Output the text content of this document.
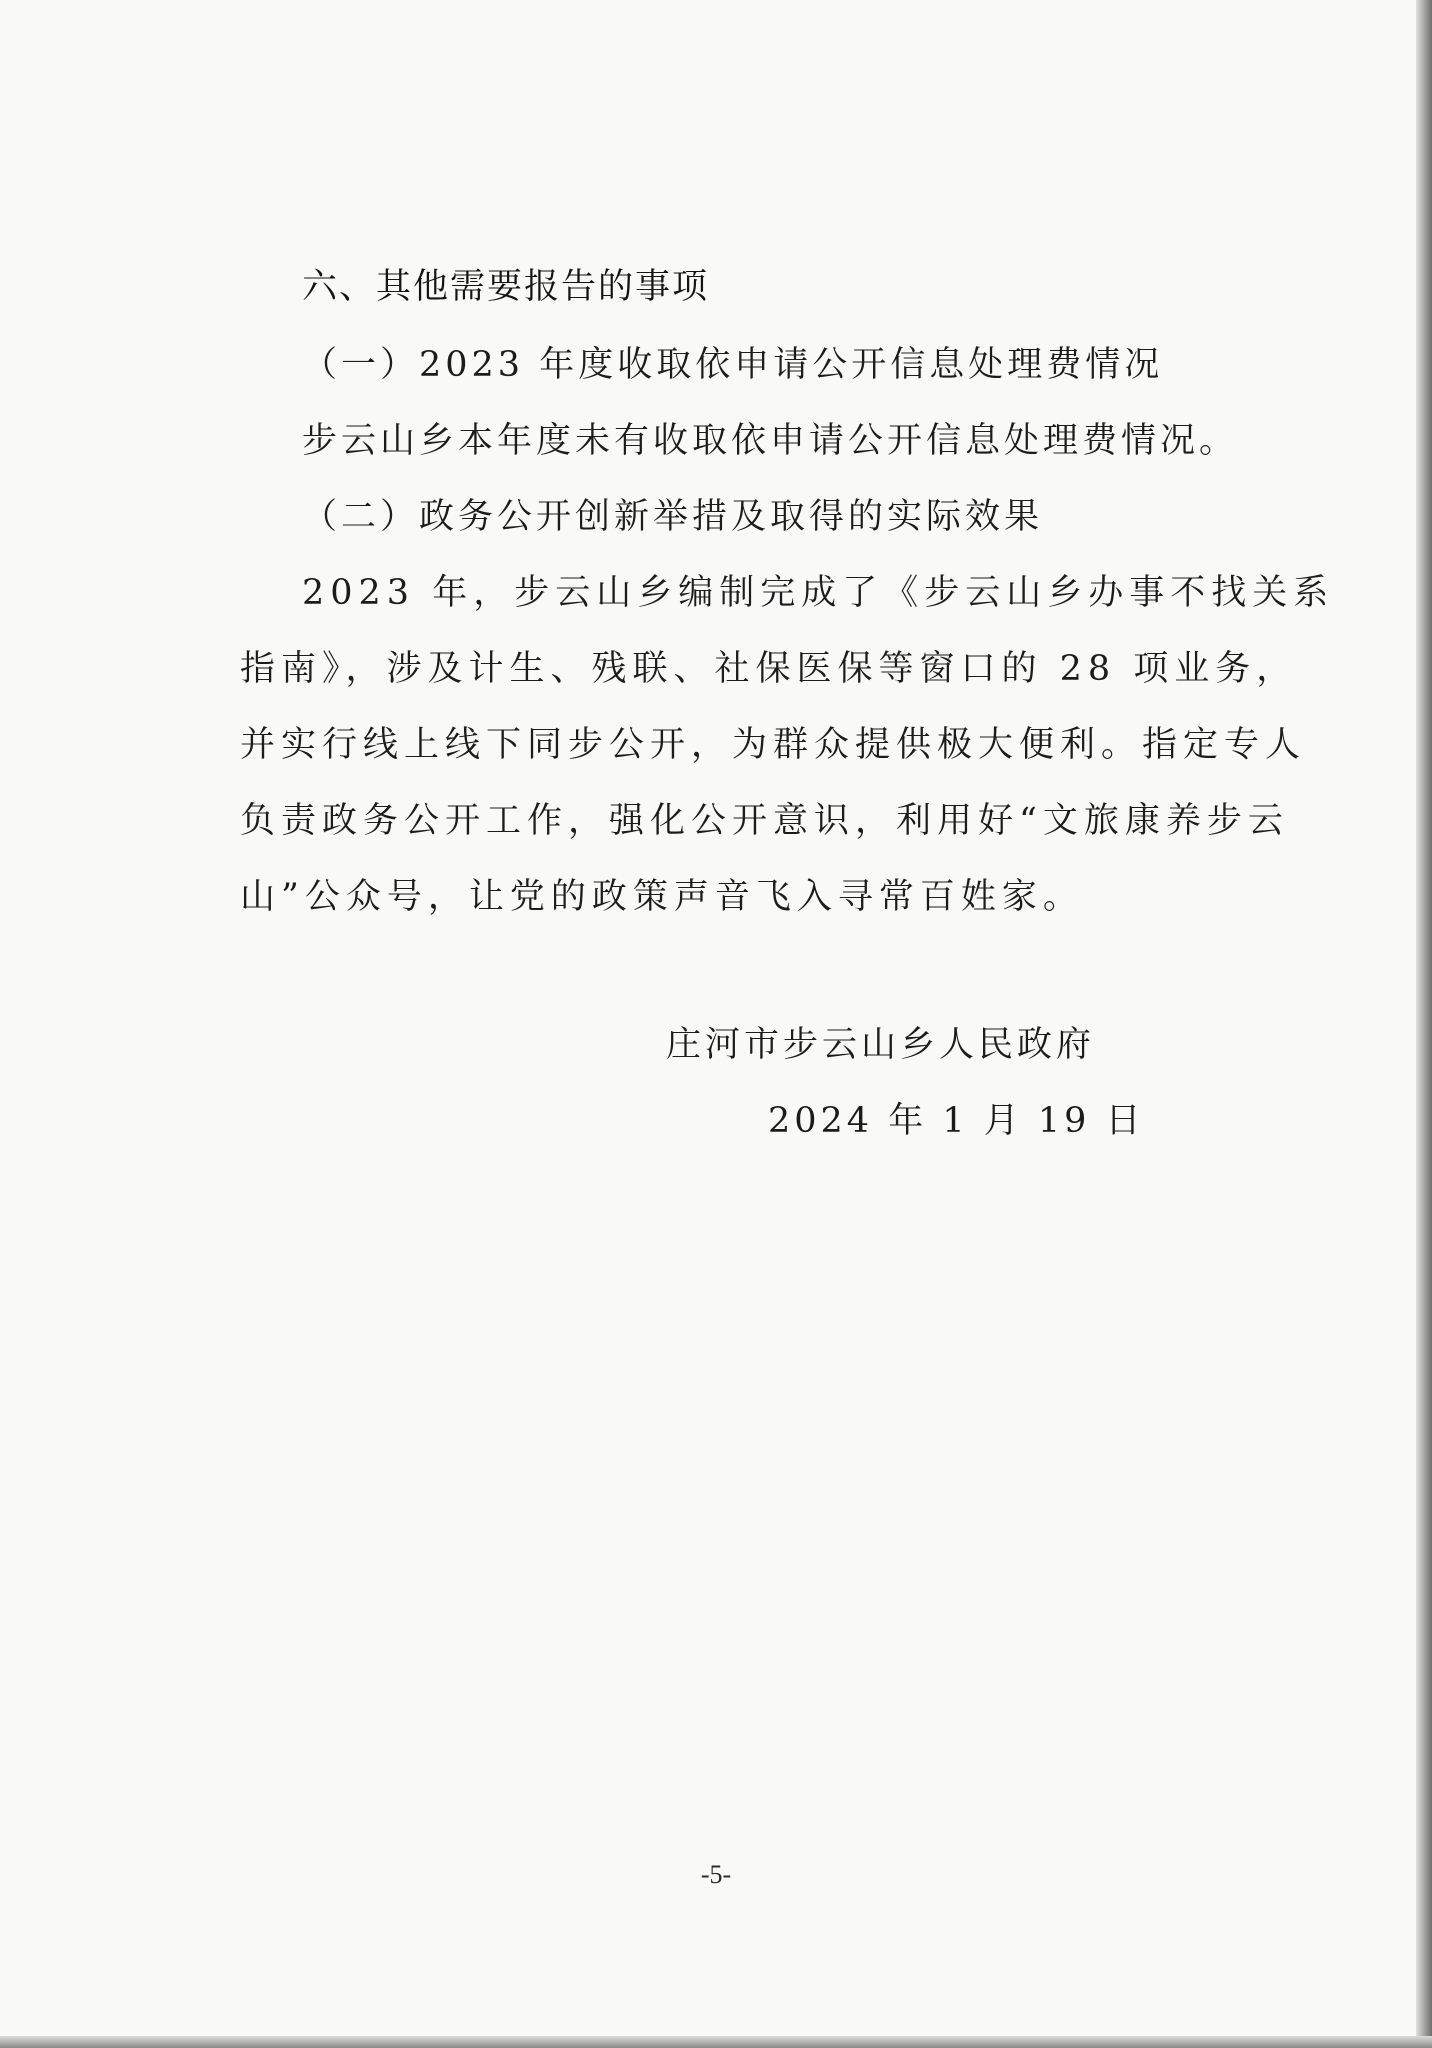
六、其他需要报告的事项
（一）2023 年度收取依申请公开信息处理费情况
步云山乡本年度未有收取依申请公开信息处理费情况。
（二）政务公开创新举措及取得的实际效果
2023 年，步云山乡编制完成了《步云山乡办事不找关系
指南》，涉及计生、残联、社保医保等窗口的 28 项业务，
并实行线上线下同步公开，为群众提供极大便利。指定专人
负责政务公开工作，强化公开意识，利用好“文旅康养步云
山”公众号，让党的政策声音飞入寻常百姓家。
庄河市步云山乡人民政府
2024 年 1 月 19 日
-5-
